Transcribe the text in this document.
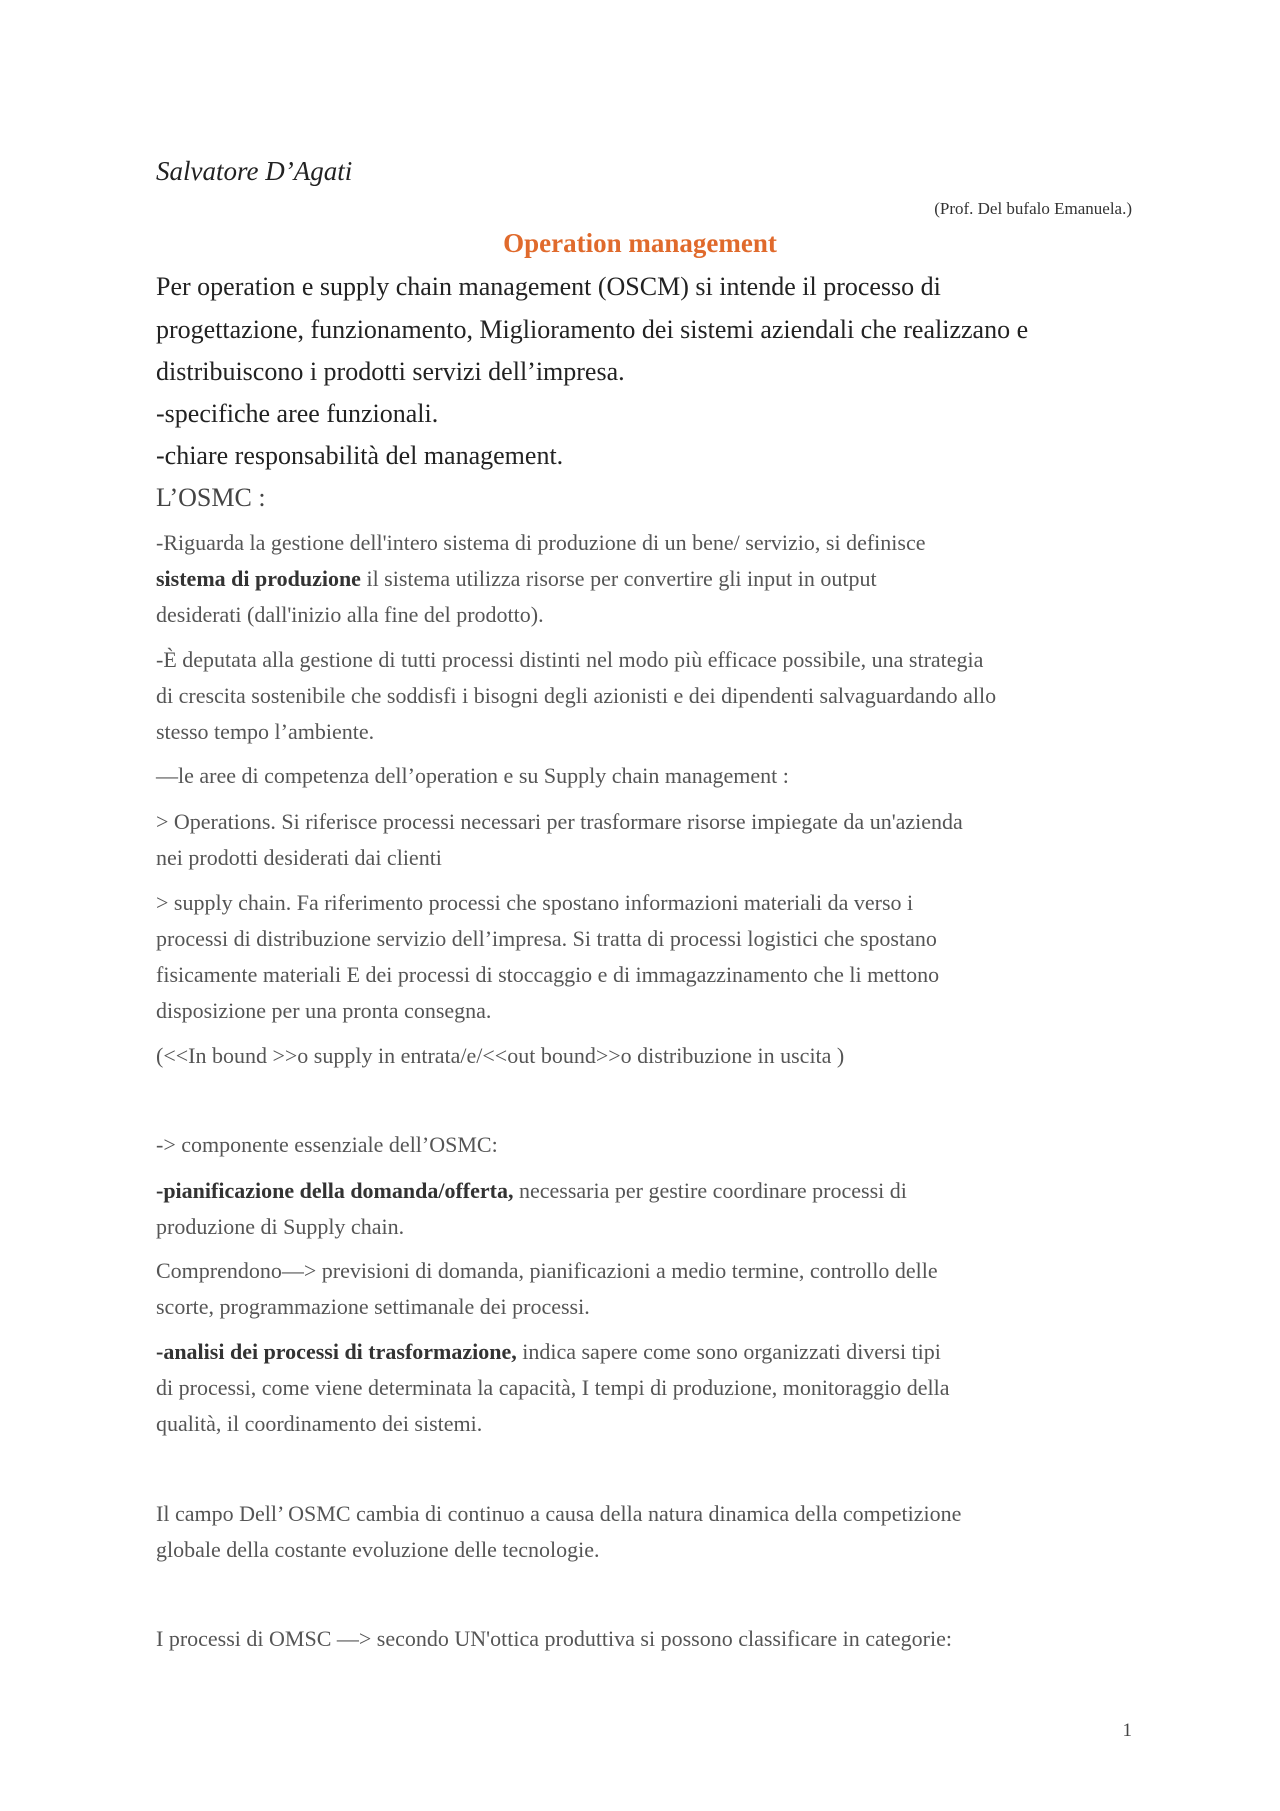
Salvatore D’Agati

(Prof. Del bufalo Emanuela.)

Operation management

Per operation e supply chain management (OSCM) si intende il processo di

progettazione, funzionamento, Miglioramento dei sistemi aziendali che realizzano e

distribuiscono i prodotti servizi dell’impresa.

-specifiche aree funzionali.

-chiare responsabilità del management.

L’OSMC :

-Riguarda la gestione dell'intero sistema di produzione di un bene/ servizio, si definisce

sistema di produzione il sistema utilizza risorse per convertire gli input in output

desiderati (dall'inizio alla fine del prodotto).

-È deputata alla gestione di tutti processi distinti nel modo più efficace possibile, una strategia

di crescita sostenibile che soddisfi i bisogni degli azionisti e dei dipendenti salvaguardando allo

stesso tempo l’ambiente.

—le aree di competenza dell’operation e su Supply chain management :

> Operations. Si riferisce processi necessari per trasformare risorse impiegate da un'azienda

nei prodotti desiderati dai clienti

> supply chain. Fa riferimento processi che spostano informazioni materiali da verso i

processi di distribuzione servizio dell’impresa. Si tratta di processi logistici che spostano

fisicamente materiali E dei processi di stoccaggio e di immagazzinamento che li mettono

disposizione per una pronta consegna.

(<<In bound >>o supply in entrata/e/<<out bound>>o distribuzione in uscita )

-> componente essenziale dell’OSMC:

-pianificazione della domanda/offerta, necessaria per gestire coordinare processi di

produzione di Supply chain.

Comprendono—> previsioni di domanda, pianificazioni a medio termine, controllo delle

scorte, programmazione settimanale dei processi.

-analisi dei processi di trasformazione, indica sapere come sono organizzati diversi tipi

di processi, come viene determinata la capacità, I tempi di produzione, monitoraggio della

qualità, il coordinamento dei sistemi.

Il campo Dell’ OSMC cambia di continuo a causa della natura dinamica della competizione

globale della costante evoluzione delle tecnologie.

I processi di OMSC —> secondo UN'ottica produttiva si possono classificare in categorie:

1
